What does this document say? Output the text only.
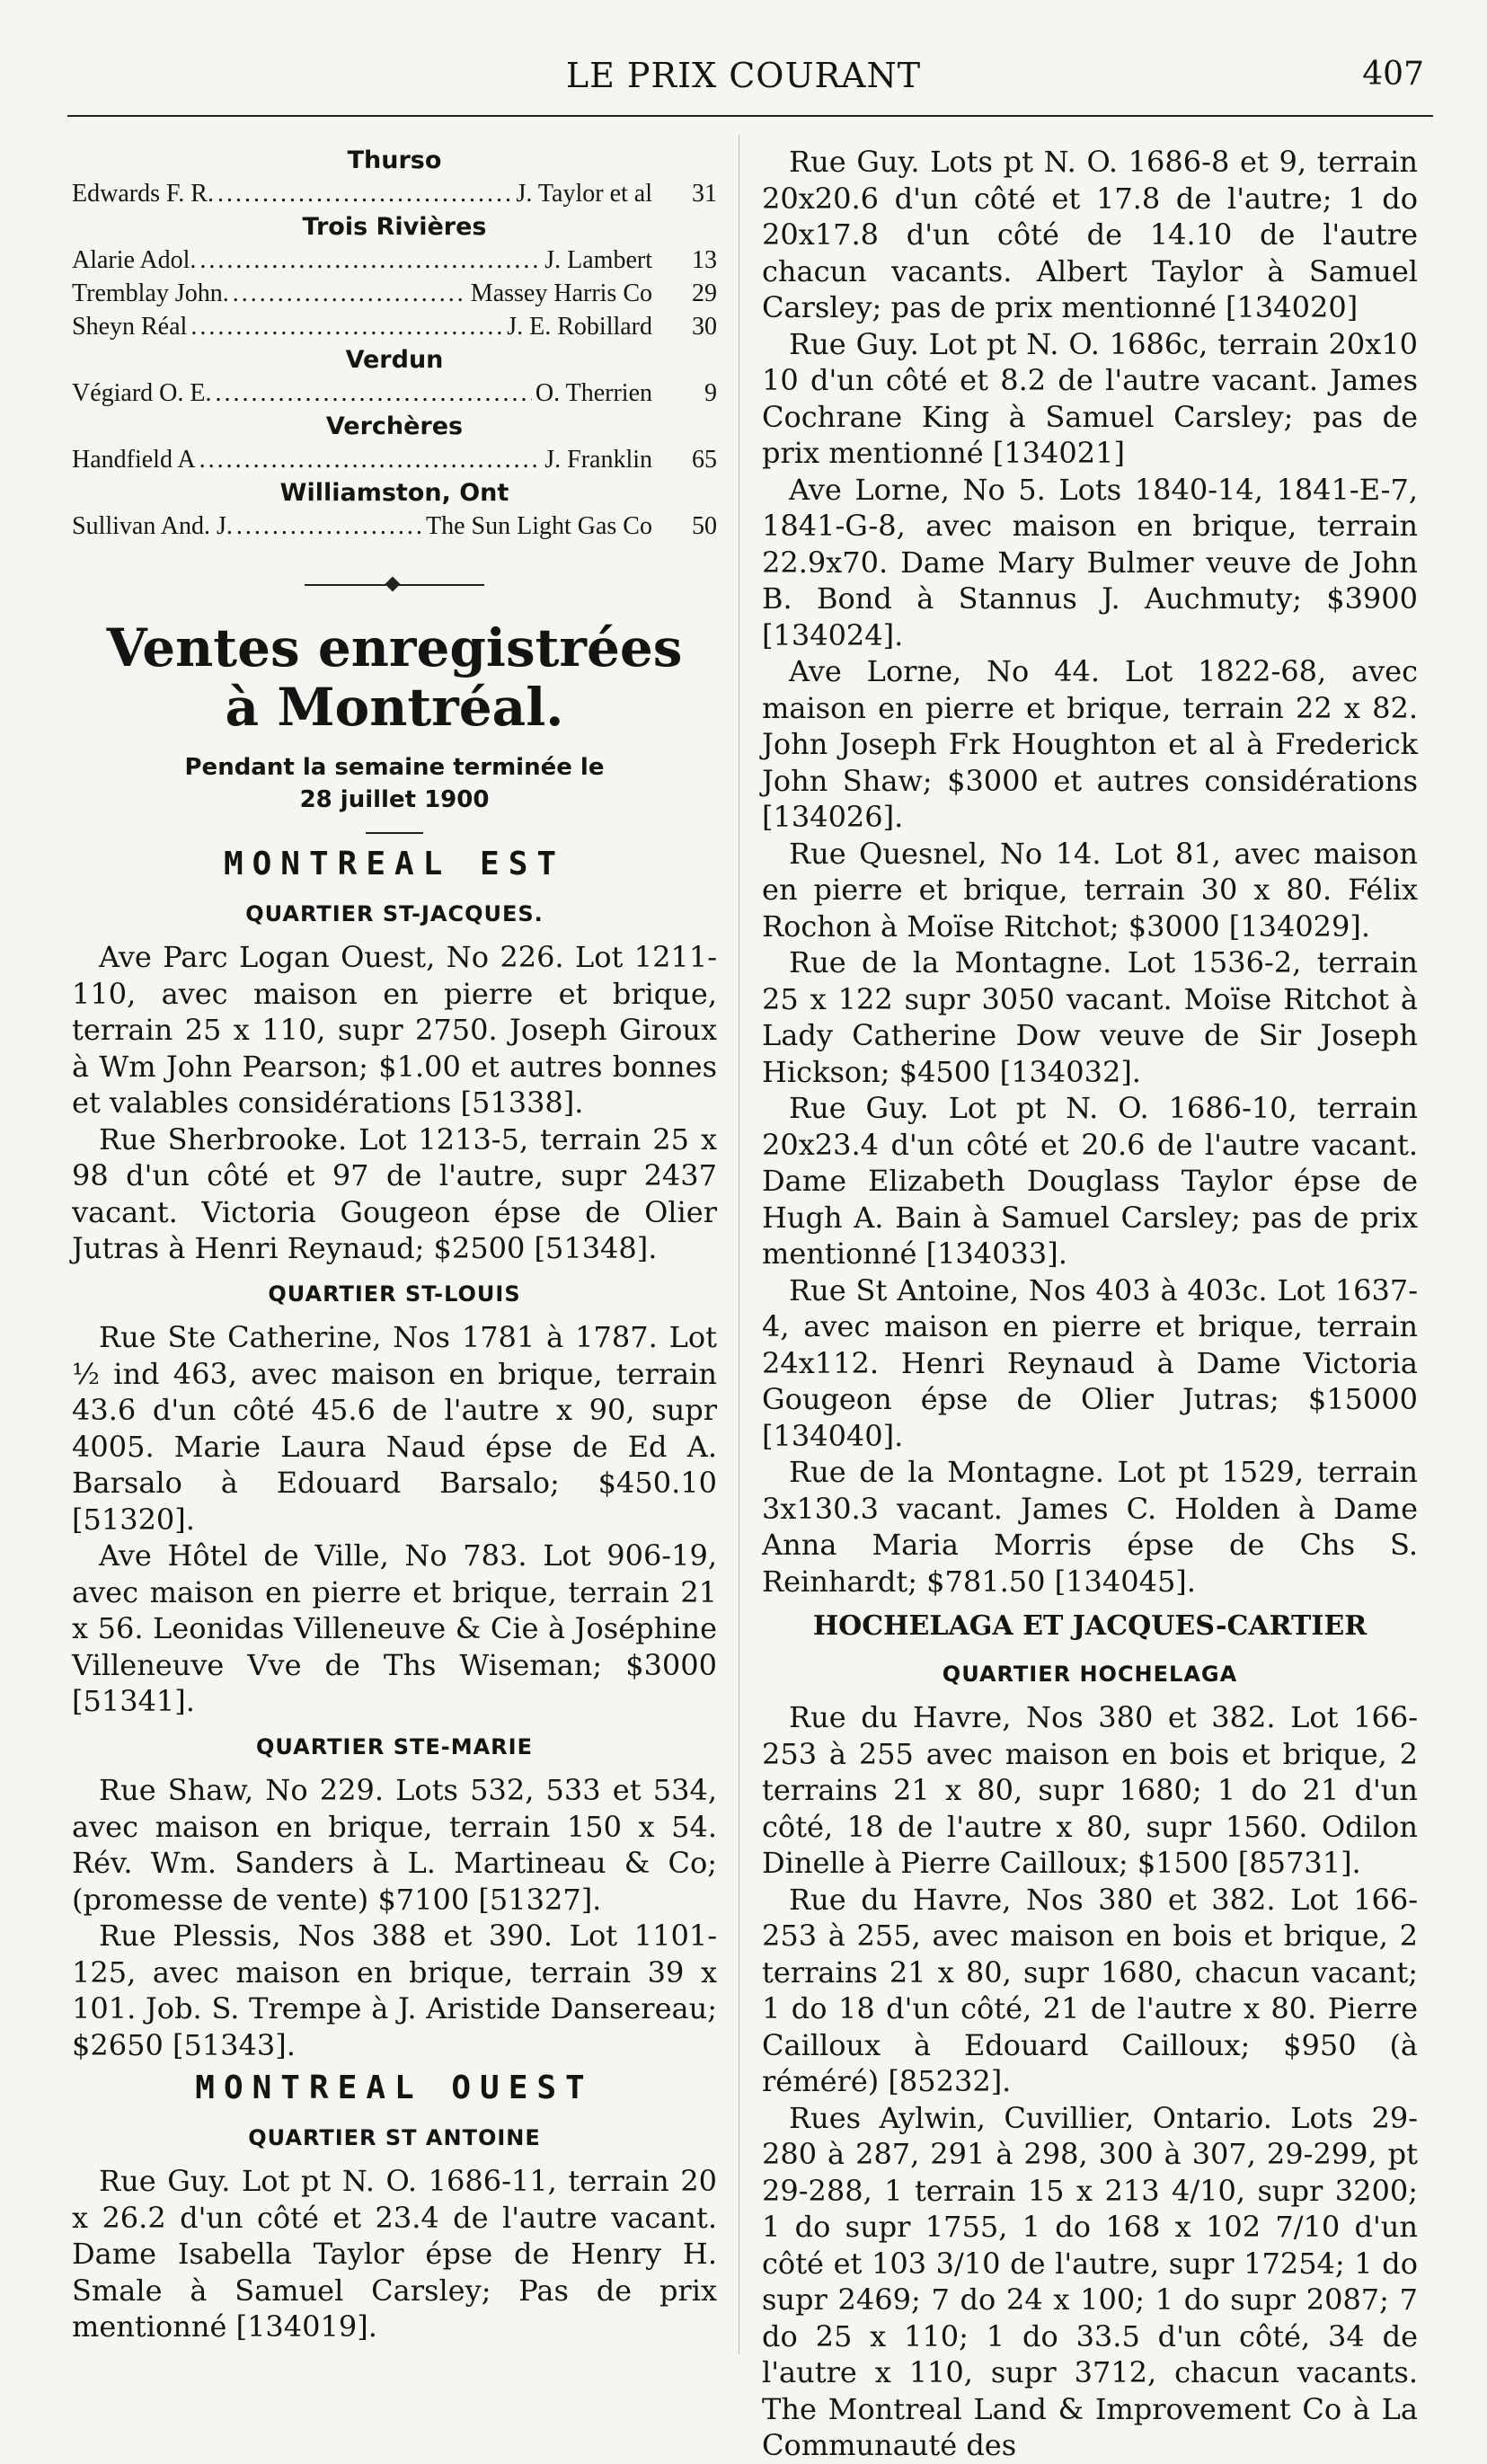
LE PRIX COURANT	407
Thurso
Edwards F. R. .....	J. Taylor et al	31
Trois Rivières
Alarie Adol. .....	J. Lambert	13
Tremblay John. .....	Massey Harris Co	29
Sheyn Réal .....	J. E. Robillard	30
Verdun
Végiard O. E. .....	O. Therrien	9
Verchères
Handfield A .....	J. Franklin	65
Williamston, Ont
Sullivan And. J. .....	The Sun Light Gas Co	50
Ventes enregistrées
à Montréal.
Pendant la semaine terminée le
28 juillet 1900
MONTREAL EST
QUARTIER ST-JACQUES.

Ave Parc Logan Ouest, No 226. Lot 1211-110, avec maison en pierre et brique, terrain 25 x 110, supr 2750. Joseph Giroux à Wm John Pearson; $1.00 et autres bonnes et valables considérations [51338].

Rue Sherbrooke. Lot 1213-5, terrain 25 x 98 d'un côté et 97 de l'autre, supr 2437 vacant. Victoria Gougeon épse de Olier Jutras à Henri Reynaud; $2500 [51348].

QUARTIER ST-LOUIS

Rue Ste Catherine, Nos 1781 à 1787. Lot ½ ind 463, avec maison en brique, terrain 43.6 d'un côté 45.6 de l'autre x 90, supr 4005. Marie Laura Naud épse de Ed A. Barsalo à Edouard Barsalo; $450.10 [51320].

Ave Hôtel de Ville, No 783. Lot 906-19, avec maison en pierre et brique, terrain 21 x 56. Leonidas Villeneuve & Cie à Joséphine Villeneuve Vve de Ths Wiseman; $3000 [51341].

QUARTIER STE-MARIE

Rue Shaw, No 229. Lots 532, 533 et 534, avec maison en brique, terrain 150 x 54. Rév. Wm. Sanders à L. Martineau & Co; (promesse de vente) $7100 [51327].

Rue Plessis, Nos 388 et 390. Lot 1101-125, avec maison en brique, terrain 39 x 101. Job. S. Trempe à J. Aristide Dansereau; $2650 [51343].

MONTREAL OUEST
QUARTIER ST ANTOINE

Rue Guy. Lot pt N. O. 1686-11, terrain 20 x 26.2 d'un côté et 23.4 de l'autre vacant. Dame Isabella Taylor épse de Henry H. Smale à Samuel Carsley; Pas de prix mentionné [134019].

Rue Guy. Lots pt N. O. 1686-8 et 9, terrain 20x20.6 d'un côté et 17.8 de l'autre; 1 do 20x17.8 d'un côté de 14.10 de l'autre chacun vacants. Albert Taylor à Samuel Carsley; pas de prix mentionné [134020]

Rue Guy. Lot pt N. O. 1686c, terrain 20x10 10 d'un côté et 8.2 de l'autre vacant. James Cochrane King à Samuel Carsley; pas de prix mentionné [134021]

Ave Lorne, No 5. Lots 1840-14, 1841-E-7, 1841-G-8, avec maison en brique, terrain 22.9x70. Dame Mary Bulmer veuve de John B. Bond à Stannus J. Auchmuty; $3900 [134024].

Ave Lorne, No 44. Lot 1822-68, avec maison en pierre et brique, terrain 22 x 82. John Joseph Frk Houghton et al à Frederick John Shaw; $3000 et autres considérations [134026].

Rue Quesnel, No 14. Lot 81, avec maison en pierre et brique, terrain 30 x 80. Félix Rochon à Moïse Ritchot; $3000 [134029].

Rue de la Montagne. Lot 1536-2, terrain 25 x 122 supr 3050 vacant. Moïse Ritchot à Lady Catherine Dow veuve de Sir Joseph Hickson; $4500 [134032].

Rue Guy. Lot pt N. O. 1686-10, terrain 20x23.4 d'un côté et 20.6 de l'autre vacant. Dame Elizabeth Douglass Taylor épse de Hugh A. Bain à Samuel Carsley; pas de prix mentionné [134033].

Rue St Antoine, Nos 403 à 403c. Lot 1637-4, avec maison en pierre et brique, terrain 24x112. Henri Reynaud à Dame Victoria Gougeon épse de Olier Jutras; $15000 [134040].

Rue de la Montagne. Lot pt 1529, terrain 3x130.3 vacant. James C. Holden à Dame Anna Maria Morris épse de Chs S. Reinhardt; $781.50 [134045].

HOCHELAGA ET JACQUES-CARTIER
QUARTIER HOCHELAGA

Rue du Havre, Nos 380 et 382. Lot 166-253 à 255 avec maison en bois et brique, 2 terrains 21 x 80, supr 1680; 1 do 21 d'un côté, 18 de l'autre x 80, supr 1560. Odilon Dinelle à Pierre Cailloux; $1500 [85731].

Rue du Havre, Nos 380 et 382. Lot 166-253 à 255, avec maison en bois et brique, 2 terrains 21 x 80, supr 1680, chacun vacant; 1 do 18 d'un côté, 21 de l'autre x 80. Pierre Cailloux à Edouard Cailloux; $950 (à réméré) [85232].

Rues Aylwin, Cuvillier, Ontario. Lots 29-280 à 287, 291 à 298, 300 à 307, 29-299, pt 29-288, 1 terrain 15 x 213 4/10, supr 3200; 1 do supr 1755, 1 do 168 x 102 7/10 d'un côté et 103 3/10 de l'autre, supr 17254; 1 do supr 2469; 7 do 24 x 100; 1 do supr 2087; 7 do 25 x 110; 1 do 33.5 d'un côté, 34 de l'autre x 110, supr 3712, chacun vacants. The Montreal Land & Improvement Co à La Communauté des
